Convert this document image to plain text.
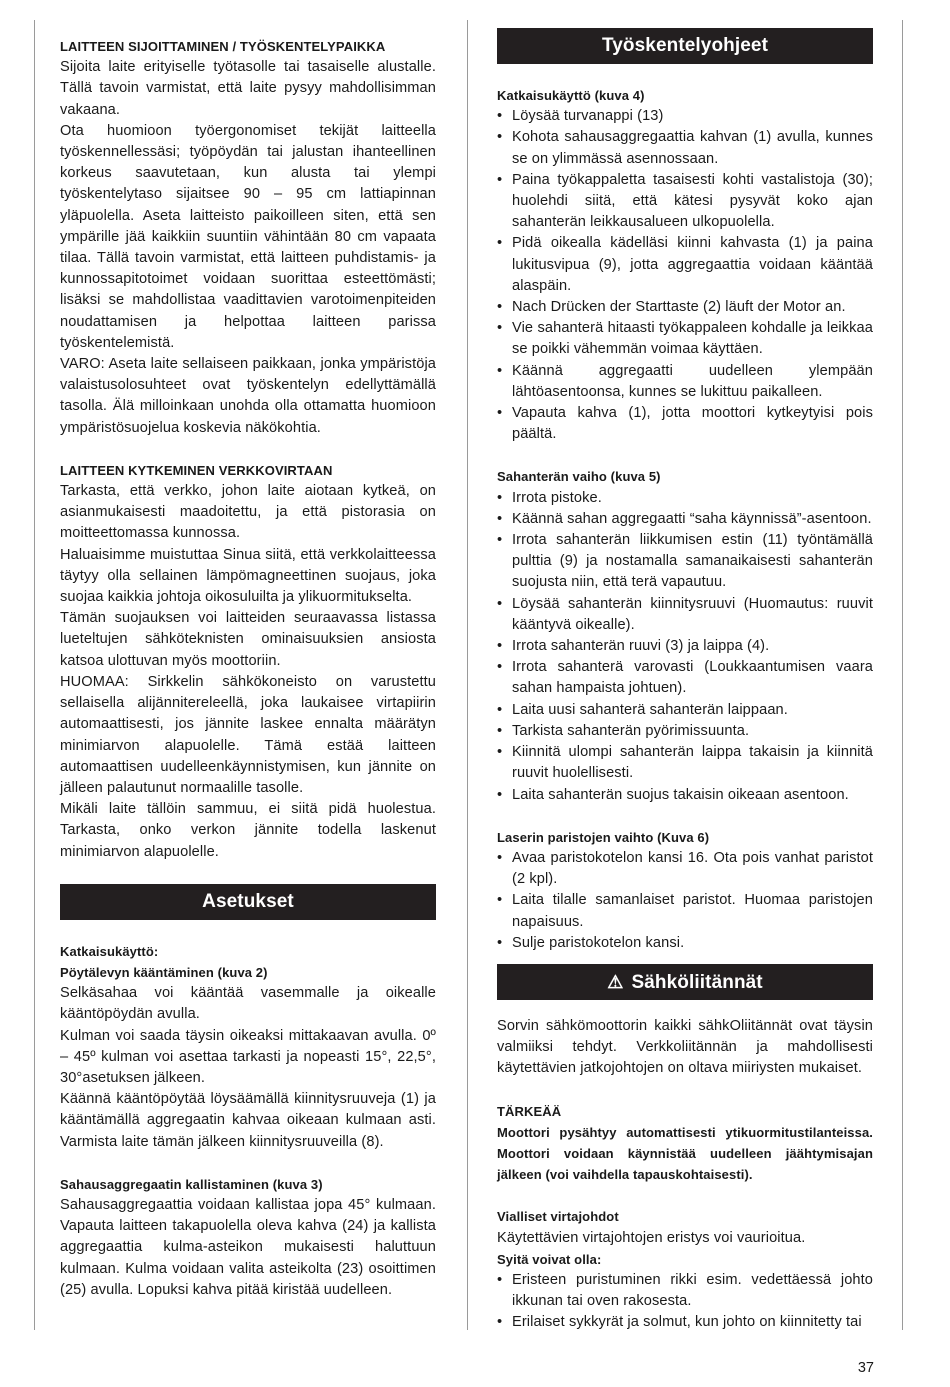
LAITTEEN SIJOITTAMINEN / TYÖSKENTELYPAIKKA

Sijoita laite erityiselle työtasolle tai tasaiselle alustalle. Tällä tavoin varmistat, että laite pysyy mahdollisimman vakaana.

Ota huomioon työergonomiset tekijät laitteella työskennellessäsi; työpöydän tai jalustan ihanteellinen korkeus saavutetaan, kun alusta tai ylempi työskentelytaso sijaitsee 90 – 95 cm lattiapinnan yläpuolella. Aseta laitteisto paikoilleen siten, että sen ympärille jää kaikkiin suuntiin vähintään 80 cm vapaata tilaa. Tällä tavoin varmistat, että laitteen puhdistamis- ja kunnossapitotoimet voidaan suorittaa esteettömästi; lisäksi se mahdollistaa vaadittavien varotoimenpiteiden noudattamisen ja helpottaa laitteen parissa työskentelemistä.

VARO: Aseta laite sellaiseen paikkaan, jonka ympäristöja valaistusolosuhteet ovat työskentelyn edellyttämällä tasolla. Älä milloinkaan unohda olla ottamatta huomioon ympäristösuojelua koskevia näkökohtia.

LAITTEEN KYTKEMINEN VERKKOVIRTAAN

Tarkasta, että verkko, johon laite aiotaan kytkeä, on asianmukaisesti maadoitettu, ja että pistorasia on moitteettomassa kunnossa.

Haluaisimme muistuttaa Sinua siitä, että verkkolaitteessa täytyy olla sellainen lämpömagneettinen suojaus, joka suojaa kaikkia johtoja oikosuluilta ja ylikuormitukselta.

Tämän suojauksen voi laitteiden seuraavassa listassa lueteltujen sähköteknisten ominaisuuksien ansiosta katsoa ulottuvan myös moottoriin.

HUOMAA: Sirkkelin sähkökoneisto on varustettu sellaisella alijännitereleellä, joka laukaisee virtapiirin automaattisesti, jos jännite laskee ennalta määrätyn minimiarvon alapuolelle. Tämä estää laitteen automaattisen uudelleenkäynnistymisen, kun jännite on jälleen palautunut normaalille tasolle.

Mikäli laite tällöin sammuu, ei siitä pidä huolestua. Tarkasta, onko verkon jännite todella laskenut minimiarvon alapuolelle.

Asetukset

Katkaisukäyttö:

Pöytälevyn kääntäminen (kuva 2)

Selkäsahaa voi kääntää vasemmalle ja oikealle kääntöpöydän avulla.

Kulman voi saada täysin oikeaksi mittakaavan avulla. 0º – 45º kulman voi asettaa tarkasti ja nopeasti 15°, 22,5°, 30°asetuksen jälkeen.

Käännä kääntöpöytää löysäämällä kiinnitysruuveja (1) ja kääntämällä aggregaatin kahvaa oikeaan kulmaan asti. Varmista laite tämän jälkeen kiinnitysruuveilla (8).

Sahausaggregaatin kallistaminen (kuva 3)

Sahausaggregaattia voidaan kallistaa jopa 45° kulmaan. Vapauta laitteen takapuolella oleva kahva (24) ja kallista aggregaattia kulma-asteikon mukaisesti haluttuun kulmaan. Kulma voidaan valita asteikolta (23) osoittimen (25) avulla. Lopuksi kahva pitää kiristää uudelleen.

Työskentelyohjeet

Katkaisukäyttö (kuva 4)

• Löysää turvanappi (13)
• Kohota sahausaggregaattia kahvan (1) avulla, kunnes se on ylimmässä asennossaan.
• Paina työkappaletta tasaisesti kohti vastalistoja (30); huolehdi siitä, että kätesi pysyvät koko ajan sahanterän leikkausalueen ulkopuolella.
• Pidä oikealla kädelläsi kiinni kahvasta (1) ja paina lukitusvipua (9), jotta aggregaattia voidaan kääntää alaspäin.
• Nach Drücken der Starttaste (2) läuft der Motor an.
• Vie sahanterä hitaasti työkappaleen kohdalle ja leikkaa se poikki vähemmän voimaa käyttäen.
• Käännä aggregaatti uudelleen ylempään lähtöasentoonsa, kunnes se lukittuu paikalleen.
• Vapauta kahva (1), jotta moottori kytkeytyisi pois päältä.

Sahanterän vaiho (kuva 5)

• Irrota pistoke.
• Käännä sahan aggregaatti “saha käynnissä”-asentoon.
• Irrota sahanterän liikkumisen estin (11) työntämällä pulttia (9) ja nostamalla samanaikaisesti sahanterän suojusta niin, että terä vapautuu.
• Löysää sahanterän kiinnitysruuvi (Huomautus: ruuvit kääntyvä oikealle).
• Irrota sahanterän ruuvi (3) ja laippa (4).
• Irrota sahanterä varovasti (Loukkaantumisen vaara sahan hampaista johtuen).
• Laita uusi sahanterä sahanterän laippaan.
• Tarkista sahanterän pyörimissuunta.
• Kiinnitä ulompi sahanterän laippa takaisin ja kiinnitä ruuvit huolellisesti.
• Laita sahanterän suojus takaisin oikeaan asentoon.

Laserin paristojen vaihto (Kuva 6)

• Avaa paristokotelon kansi 16. Ota pois vanhat paristot (2 kpl).
• Laita tilalle samanlaiset paristot. Huomaa paristojen napaisuus.
• Sulje paristokotelon kansi.

⚠ Sähköliitännät

Sorvin sähkömoottorin kaikki sähkOliitännät ovat täysin valmiiksi tehdyt. Verkkoliitännän ja mahdollisesti käytettävien jatkojohtojen on oltava miiriysten mukaiset.

TÄRKEÄÄ

Moottori pysähtyy automattisesti ytikuormitustilanteissa. Moottori voidaan käynnistää uudelleen jäähtymisajan jälkeen (voi vaihdella tapauskohtaisesti).

Vialliset virtajohdot

Käytettävien virtajohtojen eristys voi vaurioitua.

Syitä voivat olla:

• Eristeen puristuminen rikki esim. vedettäessä johto ikkunan tai oven rakosesta.
• Erilaiset sykkyrät ja solmut, kun johto on kiinnitetty tai
37
